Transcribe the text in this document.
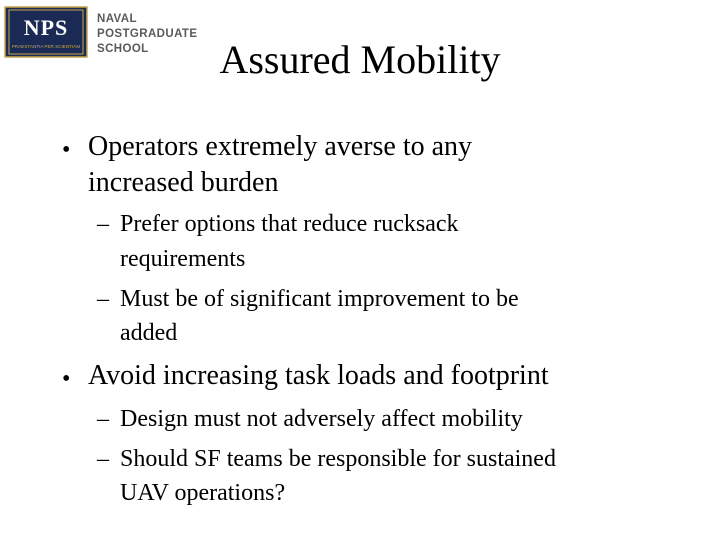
NPS
PRAESTANTIA PER SCIENTIAM
NAVAL
POSTGRADUATE
SCHOOL	Assured Mobility
• Operators extremely averse to any
increased burden
– Prefer options that reduce rucksack
requirements
– Must be of significant improvement to be
added
• Avoid increasing task loads and footprint
– Design must not adversely affect mobility
– Should SF teams be responsible for sustained
UAV operations?
